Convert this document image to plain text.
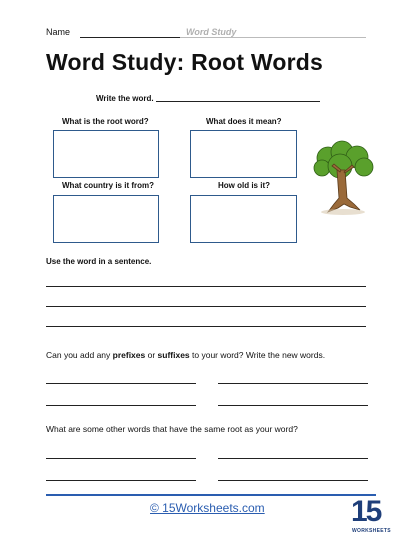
Name	Word Study
Word Study: Root Words
Write the word.
What is the root word?	What does it mean?
What country is it from?	How old is it?
Use the word in a sentence.
Can you add any prefixes or suffixes to your word? Write the new words.
What are some other words that have the same root as your word?
© 15Worksheets.com	15
WORKSHEETS
